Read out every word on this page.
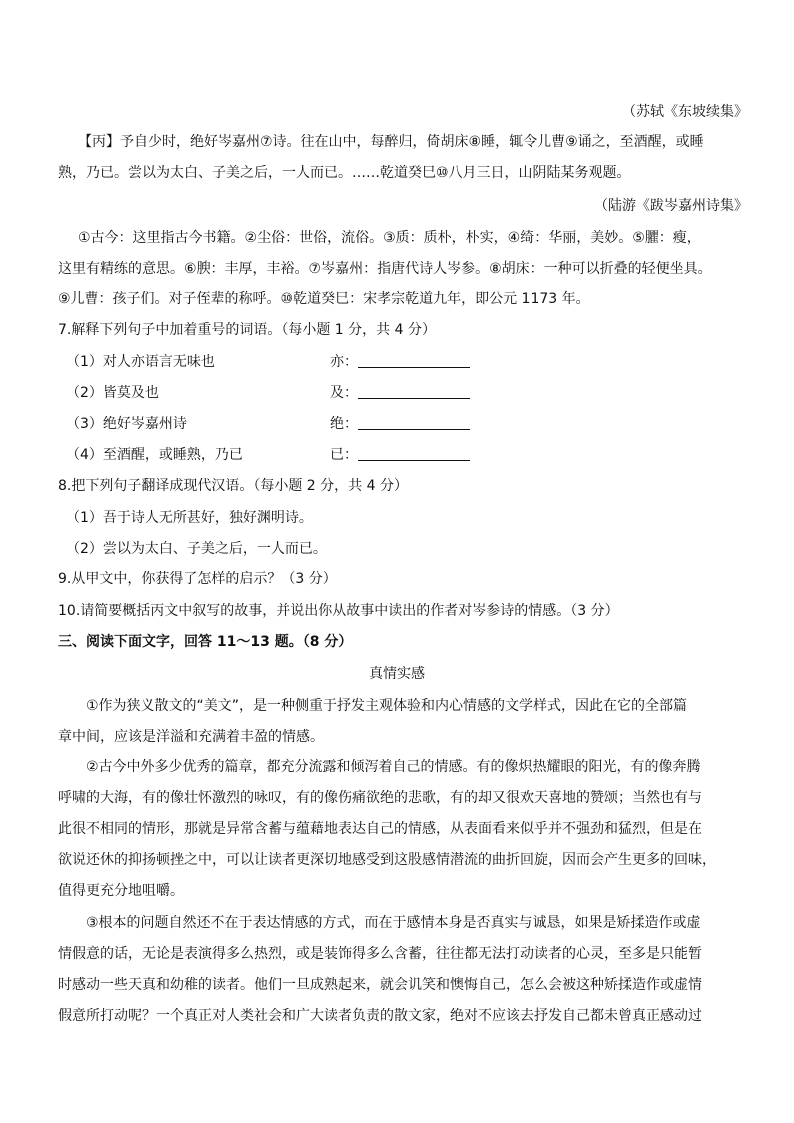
（苏轼《东坡续集》
【丙】予自少时，绝好岑嘉州⑦诗。往在山中，每醉归，倚胡床⑧睡，辄令儿曹⑨诵之，至酒醒，或睡
熟，乃已。尝以为太白、子美之后，一人而已。……乾道癸巳⑩八月三日，山阴陆某务观题。
（陆游《跋岑嘉州诗集》
①古今：这里指古今书籍。②尘俗：世俗，流俗。③质：质朴，朴实，④绮：华丽，美妙。⑤臞：瘦，
这里有精练的意思。⑥腴：丰厚，丰裕。⑦岑嘉州：指唐代诗人岑参。⑧胡床：一种可以折叠的轻便坐具。
⑨儿曹：孩子们。对子侄辈的称呼。⑩乾道癸巳：宋孝宗乾道九年，即公元 1173 年。
7.解释下列句子中加着重号的词语。（每小题 1 分，共 4 分）
（1）对人亦语言无味也	亦：
（2）皆莫及也	及：
（3）绝好岑嘉州诗	绝：
（4）至酒醒，或睡熟，乃已	已：
8.把下列句子翻译成现代汉语。（每小题 2 分，共 4 分）
（1）吾于诗人无所甚好，独好渊明诗。
（2）尝以为太白、子美之后，一人而已。
9.从甲文中，你获得了怎样的启示？（3 分）
10.请简要概括丙文中叙写的故事，并说出你从故事中读出的作者对岑参诗的情感。（3 分）
三、阅读下面文字，回答 11～13 题。（8 分）
真情实感
①作为狭义散文的“美文”，是一种侧重于抒发主观体验和内心情感的文学样式，因此在它的全部篇
章中间，应该是洋溢和充满着丰盈的情感。
②古今中外多少优秀的篇章，都充分流露和倾泻着自己的情感。有的像炽热耀眼的阳光，有的像奔腾
呼啸的大海，有的像壮怀激烈的咏叹，有的像伤痛欲绝的悲歌，有的却又很欢天喜地的赞颂；当然也有与
此很不相同的情形，那就是异常含蓄与蕴藉地表达自己的情感，从表面看来似乎并不强劲和猛烈，但是在
欲说还休的抑扬顿挫之中，可以让读者更深切地感受到这股感情潜流的曲折回旋，因而会产生更多的回味，
值得更充分地咀嚼。
③根本的问题自然还不在于表达情感的方式，而在于感情本身是否真实与诚恳，如果是矫揉造作或虚
情假意的话，无论是表演得多么热烈，或是装饰得多么含蓄，往往都无法打动读者的心灵，至多是只能暂
时感动一些天真和幼稚的读者。他们一旦成熟起来，就会讥笑和懊悔自己，怎么会被这种矫揉造作或虚情
假意所打动呢？一个真正对人类社会和广大读者负责的散文家，绝对不应该去抒发自己都未曾真正感动过
